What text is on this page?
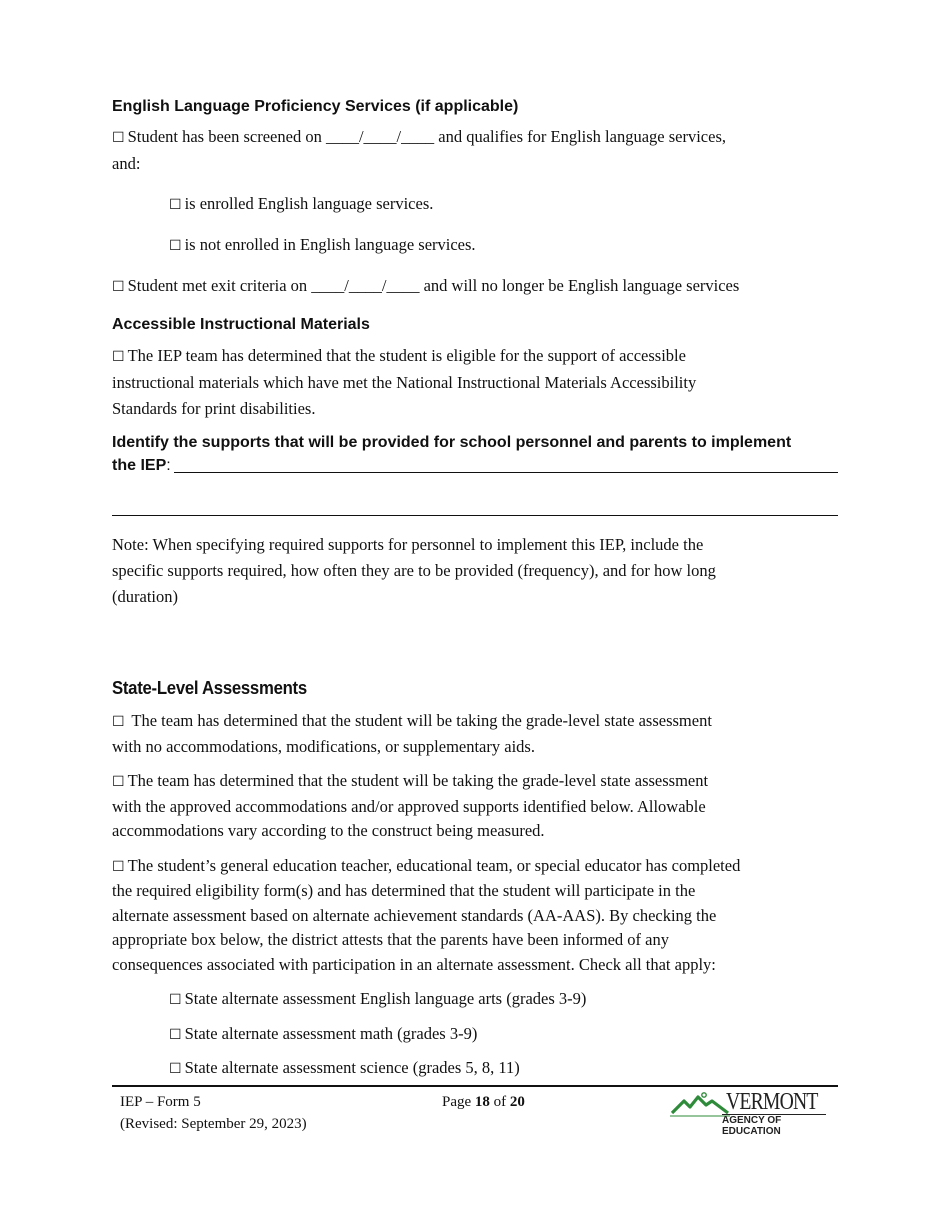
English Language Proficiency Services (if applicable)

☐ Student has been screened on ____/____/____ and qualifies for English language services,
and:

☐ is enrolled English language services.

☐ is not enrolled in English language services.

☐ Student met exit criteria on ____/____/____ and will no longer be English language services

Accessible Instructional Materials

☐ The IEP team has determined that the student is eligible for the support of accessible
instructional materials which have met the National Instructional Materials Accessibility
Standards for print disabilities.

Identify the supports that will be provided for school personnel and parents to implement
the IEP :

Note: When specifying required supports for personnel to implement this IEP, include the
specific supports required, how often they are to be provided (frequency), and for how long
(duration)

State-Level Assessments

☐ The team has determined that the student will be taking the grade-level state assessment
with no accommodations, modifications, or supplementary aids.

☐ The team has determined that the student will be taking the grade-level state assessment
with the approved accommodations and/or approved supports identified below. Allowable
accommodations vary according to the construct being measured.

☐ The student’s general education teacher, educational team, or special educator has completed
the required eligibility form(s) and has determined that the student will participate in the
alternate assessment based on alternate achievement standards (AA-AAS). By checking the
appropriate box below, the district attests that the parents have been informed of any
consequences associated with participation in an alternate assessment. Check all that apply:

☐ State alternate assessment English language arts (grades 3-9)

☐ State alternate assessment math (grades 3-9)

☐ State alternate assessment science (grades 5, 8, 11)

IEP – Form 5
(Revised: September 29, 2023)
Page 18 of 20	VERMONT
AGENCY OF EDUCATION
